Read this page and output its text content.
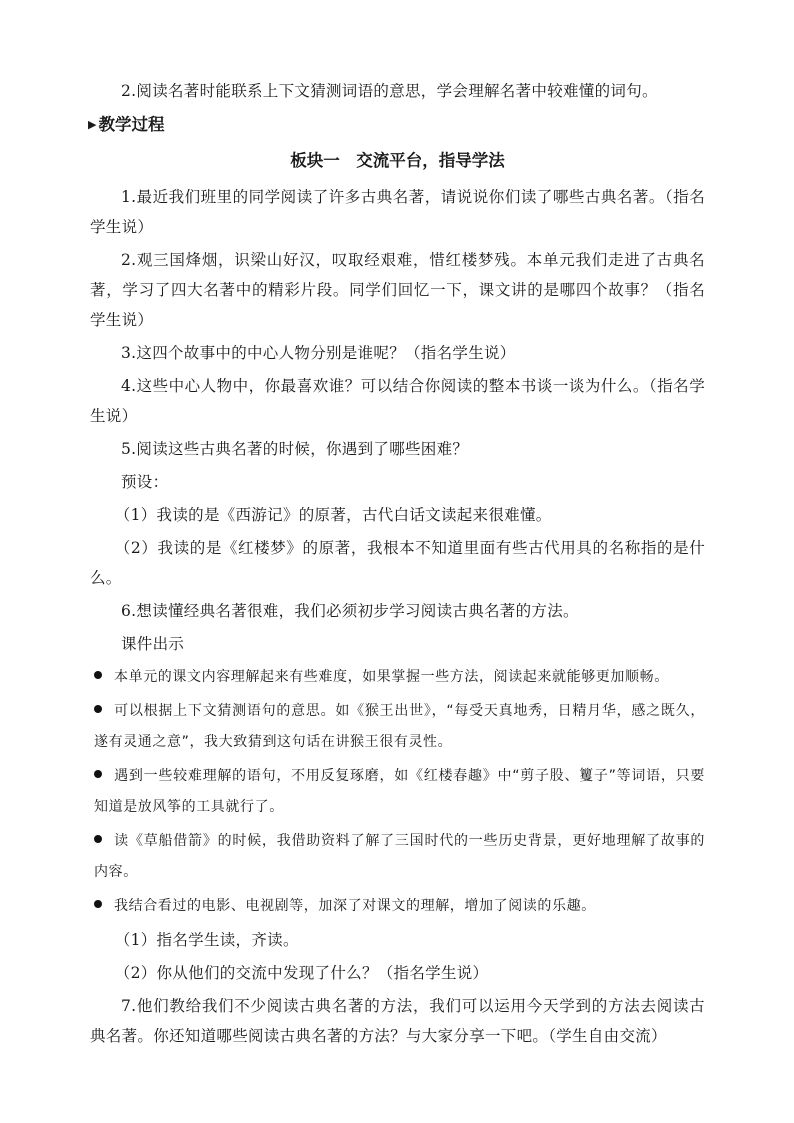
2.阅读名著时能联系上下文猜测词语的意思，学会理解名著中较难懂的词句。

▶ 教学过程
板块一　交流平台，指导学法

1.最近我们班里的同学阅读了许多古典名著，请说说你们读了哪些古典名著。（指名学生说）

2.观三国烽烟，识梁山好汉，叹取经艰难，惜红楼梦残。本单元我们走进了古典名著，学习了四大名著中的精彩片段。同学们回忆一下，课文讲的是哪四个故事？（指名学生说）

3.这四个故事中的中心人物分别是谁呢？（指名学生说）

4.这些中心人物中，你最喜欢谁？可以结合你阅读的整本书谈一谈为什么。（指名学生说）

5.阅读这些古典名著的时候，你遇到了哪些困难？

预设：

（1）我读的是《西游记》的原著，古代白话文读起来很难懂。

（2）我读的是《红楼梦》的原著，我根本不知道里面有些古代用具的名称指的是什么。

6.想读懂经典名著很难，我们必须初步学习阅读古典名著的方法。

课件出示

本单元的课文内容理解起来有些难度，如果掌握一些方法，阅读起来就能够更加顺畅。
可以根据上下文猜测语句的意思。如《猴王出世》，“每受天真地秀，日精月华，感之既久，遂有灵通之意”，我大致猜到这句话在讲猴王很有灵性。
遇到一些较难理解的语句，不用反复琢磨，如《红楼春趣》中“剪子股、籰子”等词语，只要知道是放风筝的工具就行了。
读《草船借箭》的时候，我借助资料了解了三国时代的一些历史背景，更好地理解了故事的内容。
我结合看过的电影、电视剧等，加深了对课文的理解，增加了阅读的乐趣。

（1）指名学生读，齐读。

（2）你从他们的交流中发现了什么？（指名学生说）

7.他们教给我们不少阅读古典名著的方法，我们可以运用今天学到的方法去阅读古典名著。你还知道哪些阅读古典名著的方法？与大家分享一下吧。（学生自由交流）
